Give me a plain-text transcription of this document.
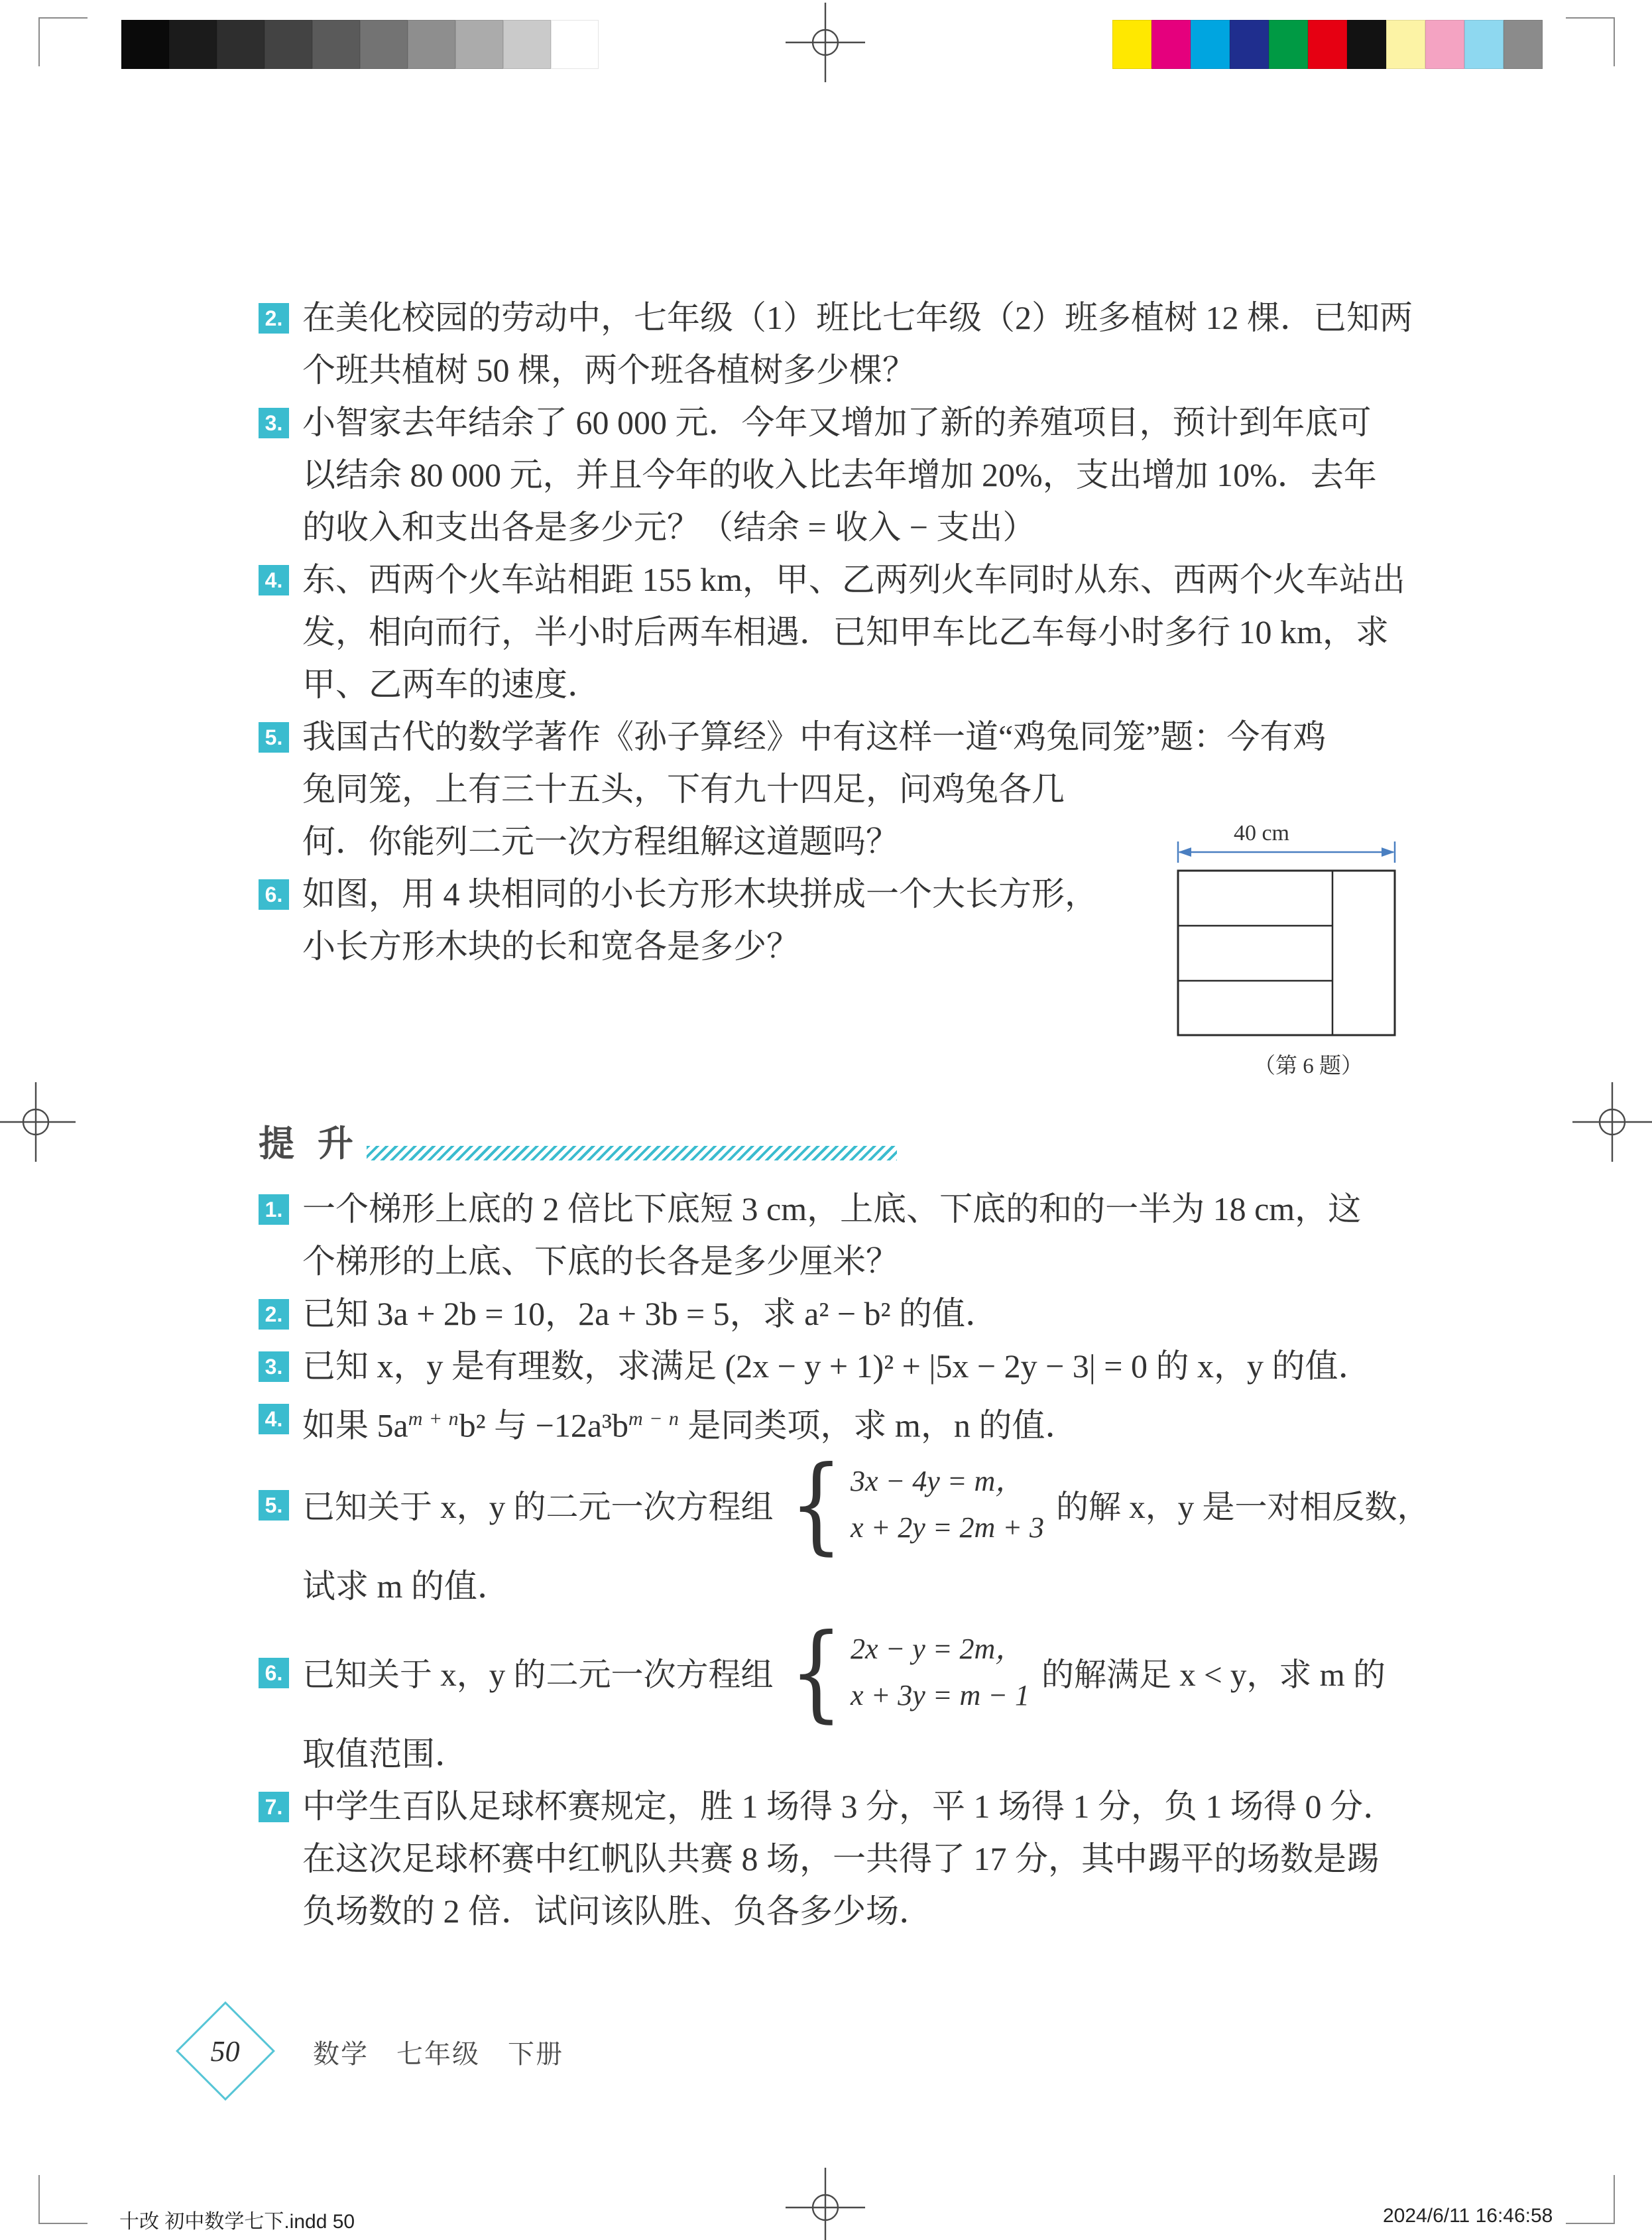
40 cm
（第 6 题）
2. 在美化校园的劳动中，七年级（1）班比七年级（2）班多植树 12 棵．已知两
个班共植树 50 棵，两个班各植树多少棵？
3. 小智家去年结余了 60 000 元．今年又增加了新的养殖项目，预计到年底可
以结余 80 000 元，并且今年的收入比去年增加 20%，支出增加 10%．去年
的收入和支出各是多少元？（结余 = 收入 − 支出）
4. 东、西两个火车站相距 155 km，甲、乙两列火车同时从东、西两个火车站出
发，相向而行，半小时后两车相遇．已知甲车比乙车每小时多行 10 km，求
甲、乙两车的速度．
5. 我国古代的数学著作《孙子算经》中有这样一道“鸡兔同笼”题：今有鸡
兔同笼，上有三十五头，下有九十四足，问鸡兔各几
何．你能列二元一次方程组解这道题吗？
6. 如图，用 4 块相同的小长方形木块拼成一个大长方形，
小长方形木块的长和宽各是多少？
提 升
1. 一个梯形上底的 2 倍比下底短 3 cm，上底、下底的和的一半为 18 cm，这
个梯形的上底、下底的长各是多少厘米？
2. 已知 3a + 2b = 10，2a + 3b = 5，求 a² − b² 的值．
3. 已知 x，y 是有理数，求满足 (2x − y + 1)² + |5x − 2y − 3| = 0 的 x，y 的值．
4. 如果 $5a^{m + n}b^2$ 与 $-12a^3b^{m - n}$ 是同类项，求 m，n 的值．
5. 已知关于 x，y 的二元一次方程组 { 3x − 4y = m，
x + 2y = 2m + 3
的解 x，y 是一对相反数，
试求 m 的值．
6. 已知关于 x，y 的二元一次方程组 { 2x − y = 2m，
x + 3y = m − 1
的解满足 x < y，求 m 的
取值范围．
7. 中学生百队足球杯赛规定，胜 1 场得 3 分，平 1 场得 1 分，负 1 场得 0 分．
在这次足球杯赛中红帆队共赛 8 场，一共得了 17 分，其中踢平的场数是踢
负场数的 2 倍．试问该队胜、负各多少场．
50	数学　七年级　下册
十改 初中数学七下.indd 50	2024/6/11 16:46:58
